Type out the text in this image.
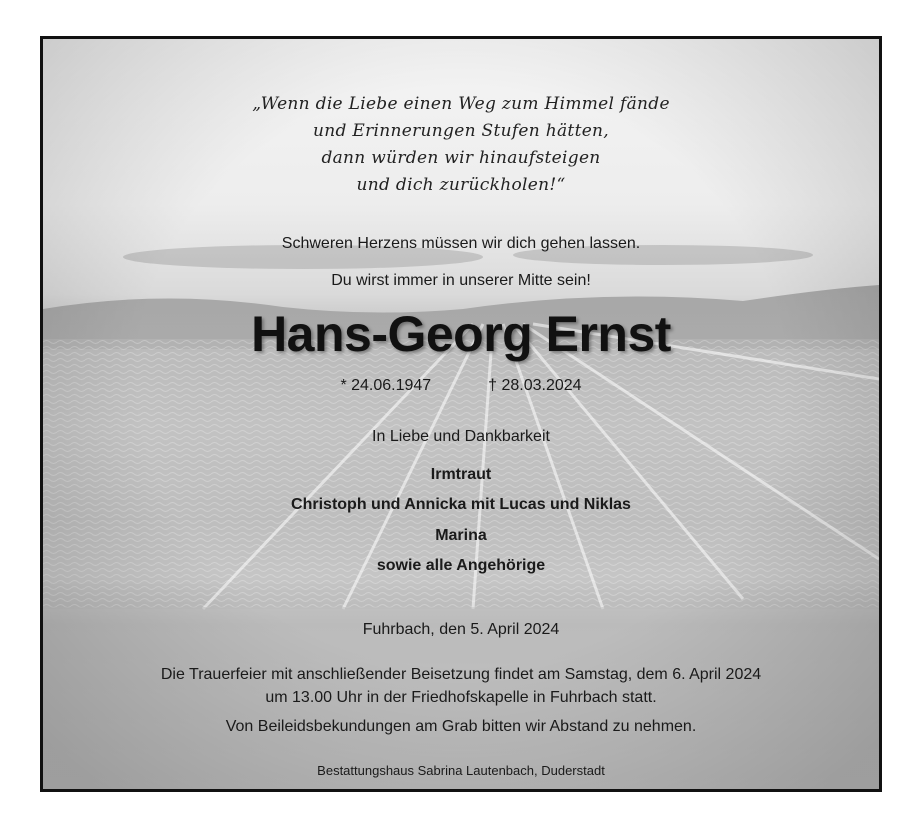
„Wenn die Liebe einen Weg zum Himmel fände
und Erinnerungen Stufen hätten,
dann würden wir hinaufsteigen
und dich zurückholen!“
Schweren Herzens müssen wir dich gehen lassen.
Du wirst immer in unserer Mitte sein!
Hans-Georg Ernst
* 24.06.1947	† 28.03.2024
In Liebe und Dankbarkeit
Irmtraut
Christoph und Annicka mit Lucas und Niklas
Marina
sowie alle Angehörige
Fuhrbach, den 5. April 2024
Die Trauerfeier mit anschließender Beisetzung findet am Samstag, dem 6. April 2024
um 13.00 Uhr in der Friedhofskapelle in Fuhrbach statt.
Von Beileidsbekundungen am Grab bitten wir Abstand zu nehmen.
Bestattungshaus Sabrina Lautenbach, Duderstadt
